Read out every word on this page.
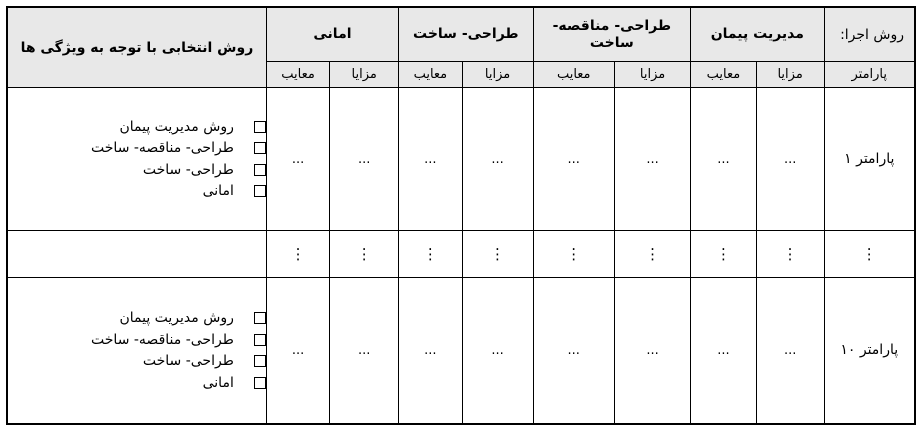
روش اجرا:	مدیریت پیمان		طراحی- مناقصه- ساخت		طراحی- ساخت		امانی		روش انتخابی با توجه به ویژگی ها
پارامتر	مزایا	معایب	مزایا	معایب	مزایا	معایب	مزایا	معایب	
پارامتر ۱	...	...	...	...	...	...	...	...	روش مدیریت پیمان
طراحی- مناقصه- ساخت
طراحی- ساخت
امانی

⋮	⋮	⋮	⋮	⋮	⋮	⋮	⋮	⋮	
پارامتر ۱۰	...	...	...	...	...	...	...	...	روش مدیریت پیمان
طراحی- مناقصه- ساخت
طراحی- ساخت
امانی
